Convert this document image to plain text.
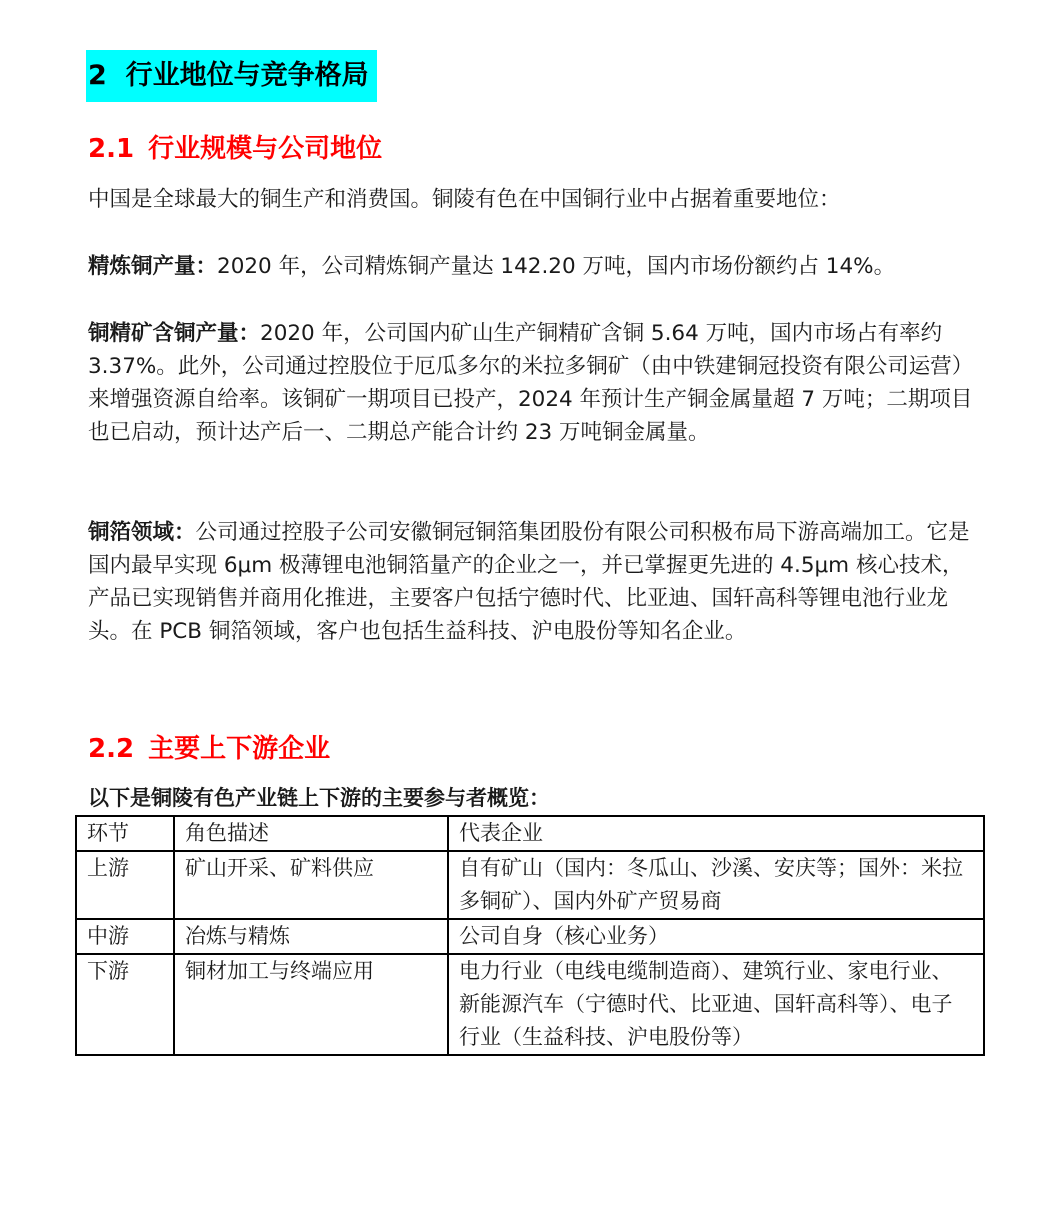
2 行业地位与竞争格局
2.1 行业规模与公司地位

中国是全球最大的铜生产和消费国。铜陵有色在中国铜行业中占据着重要地位：

精炼铜产量：2020 年，公司精炼铜产量达 142.20 万吨，国内市场份额约占 14%。

铜精矿含铜产量：2020 年，公司国内矿山生产铜精矿含铜 5.64 万吨，国内市场占有率约 3.37%。此外，公司通过控股位于厄瓜多尔的米拉多铜矿（由中铁建铜冠投资有限公司运营）来增强资源自给率。该铜矿一期项目已投产，2024 年预计生产铜金属量超 7 万吨；二期项目也已启动，预计达产后一、二期总产能合计约 23 万吨铜金属量。

铜箔领域：公司通过控股子公司安徽铜冠铜箔集团股份有限公司积极布局下游高端加工。它是国内最早实现 6μm 极薄锂电池铜箔量产的企业之一，并已掌握更先进的 4.5μm 核心技术，产品已实现销售并商用化推进，主要客户包括宁德时代、比亚迪、国轩高科等锂电池行业龙头。在 PCB 铜箔领域，客户也包括生益科技、沪电股份等知名企业。

2.2 主要上下游企业
以下是铜陵有色产业链上下游的主要参与者概览：
环节	角色描述	代表企业
上游	矿山开采、矿料供应	自有矿山（国内：冬瓜山、沙溪、安庆等；国外：米拉多铜矿）、国内外矿产贸易商
中游	冶炼与精炼	公司自身（核心业务）
下游	铜材加工与终端应用	电力行业（电线电缆制造商）、建筑行业、家电行业、新能源汽车（宁德时代、比亚迪、国轩高科等）、电子行业（生益科技、沪电股份等）
